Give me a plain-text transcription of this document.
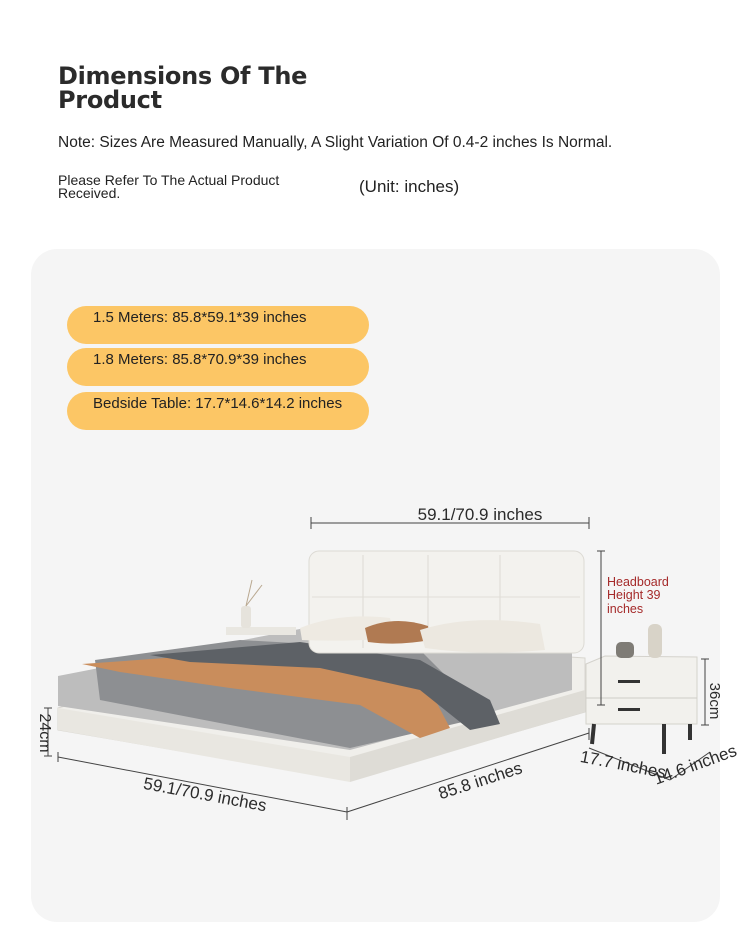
Dimensions Of The Product
Note: Sizes Are Measured Manually, A Slight Variation Of 0.4-2 inches Is Normal.
Please Refer To The Actual Product Received.	(Unit: inches)
1.5 Meters: 85.8*59.1*39 inches
1.8 Meters: 85.8*70.9*39 inches
Bedside Table: 17.7*14.6*14.2 inches
59.1/70.9 inches
24cm
59.1/70.9 inches	85.8 inches	17.7 inches
14.6 inches
36cm
Headboard
Height 39
inches
